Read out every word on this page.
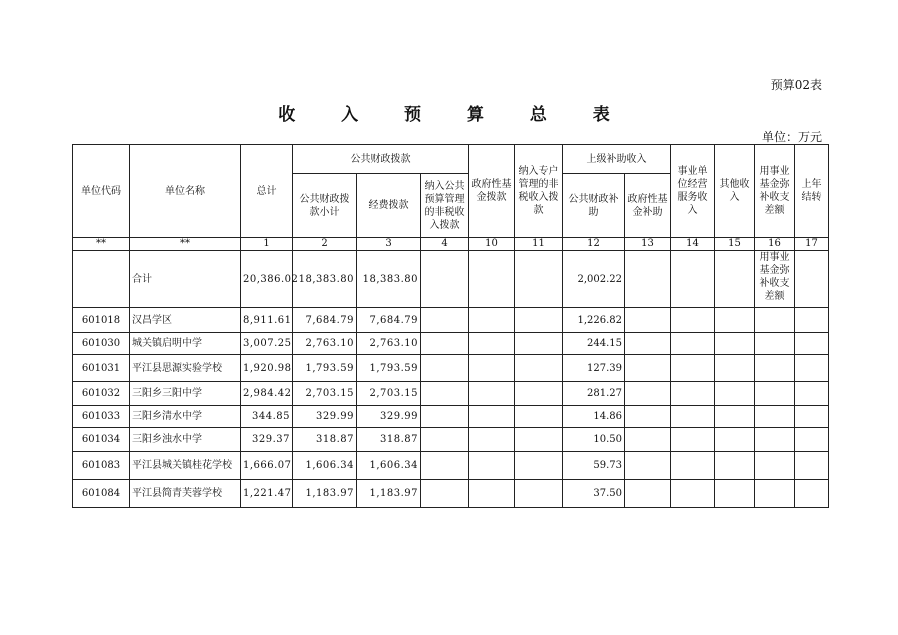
预算02表
收 入 预 算 总 表
单位：万元
单位代码	单位名称	总计	公共财政拨款			政府性基金拨款	纳入专户管理的非税收入拨款	上级补助收入		事业单位经营服务收入	其他收入	用事业基金弥补收支差额	上年结转
			公共财政拨款小计	经费拨款	纳入公共预算管理的非税收入拨款			公共财政补助	政府性基金补助				
**	**	1	2	3	4	10	11	12	13	14	15	16	17
	合计	20,386.02	18,383.80	18,383.80				2,002.22				用事业基金弥补收支差额	
601018	汉昌学区	8,911.61	7,684.79	7,684.79				1,226.82					
601030	城关镇启明中学	3,007.25	2,763.10	2,763.10				244.15					
601031	平江县思源实验学校	1,920.98	1,793.59	1,793.59				127.39					
601032	三阳乡三阳中学	2,984.42	2,703.15	2,703.15				281.27					
601033	三阳乡清水中学	344.85	329.99	329.99				14.86					
601034	三阳乡浊水中学	329.37	318.87	318.87				10.50					
601083	平江县城关镇桂花学校	1,666.07	1,606.34	1,606.34				59.73					
601084	平江县简青芙蓉学校	1,221.47	1,183.97	1,183.97				37.50					
